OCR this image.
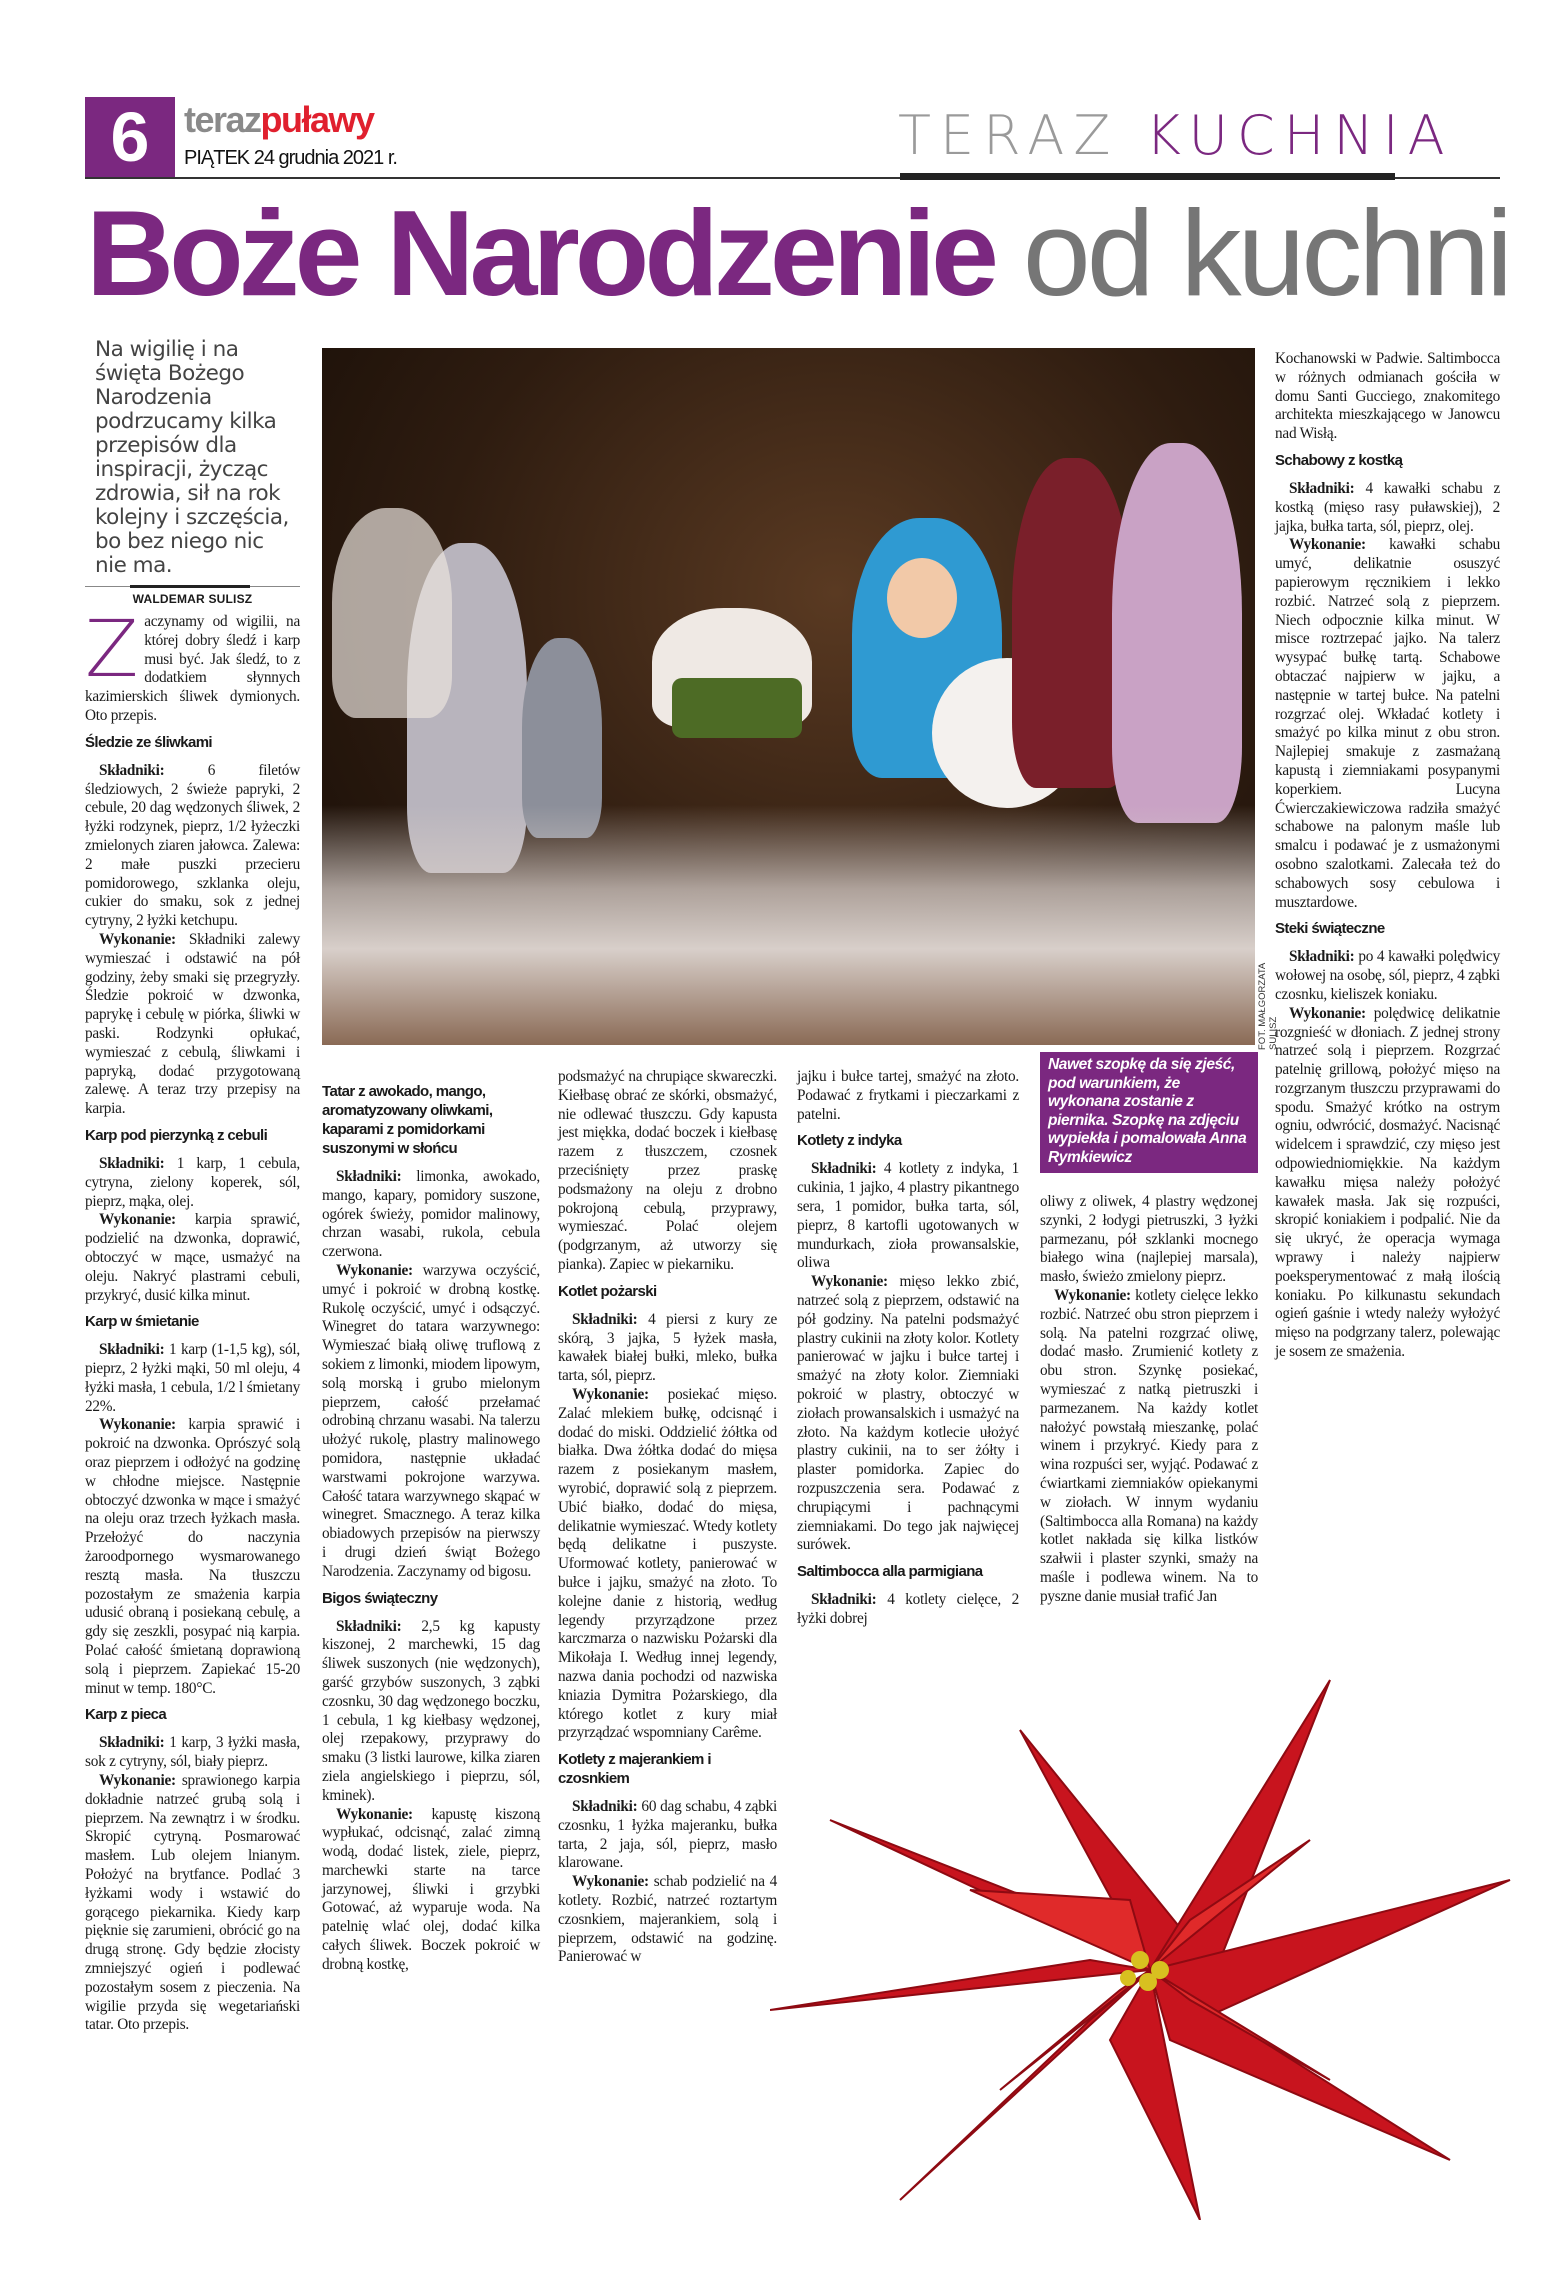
6 terazpuławy
PIĄTEK 24 grudnia 2021 r.	TERAZ KUCHNIA
Boże Narodzenie od kuchni
Na wigilię i na święta Bożego Narodzenia podrzucamy kilka przepisów dla inspiracji, życząc zdrowia, sił na rok kolejny i szczęścia, bo bez niego nic nie ma.
WALDEMAR SULISZ

Zaczynamy od wigilii, na której dobry śledź i karp musi być. Jak śledź, to z dodatkiem słynnych kazimierskich śliwek dymionych. Oto przepis.

Śledzie ze śliwkami

Składniki: 6 filetów śledziowych, 2 świeże papryki, 2 cebule, 20 dag wędzonych śliwek, 2 łyżki rodzynek, pieprz, 1/2 łyżeczki zmielonych ziaren jałowca. Zalewa: 2 małe puszki przecieru pomidorowego, szklanka oleju, cukier do smaku, sok z jednej cytryny, 2 łyżki ketchupu.

Wykonanie: Składniki zalewy wymieszać i odstawić na pół godziny, żeby smaki się przegryzły. Śledzie pokroić w dzwonka, paprykę i cebulę w piórka, śliwki w paski. Rodzynki opłukać, wymieszać z cebulą, śliwkami i papryką, dodać przygotowaną zalewę. A teraz trzy przepisy na karpia.

Karp pod pierzynką z cebuli

Składniki: 1 karp, 1 cebula, cytryna, zielony koperek, sól, pieprz, mąka, olej.

Wykonanie: karpia sprawić, podzielić na dzwonka, doprawić, obtoczyć w mące, usmażyć na oleju. Nakryć plastrami cebuli, przykryć, dusić kilka minut.

Karp w śmietanie

Składniki: 1 karp (1-1,5 kg), sól, pieprz, 2 łyżki mąki, 50 ml oleju, 4 łyżki masła, 1 cebula, 1/2 l śmietany 22%.

Wykonanie: karpia sprawić i pokroić na dzwonka. Oprószyć solą oraz pieprzem i odłożyć na godzinę w chłodne miejsce. Następnie obtoczyć dzwonka w mące i smażyć na oleju oraz trzech łyżkach masła. Przełożyć do naczynia żaroodpornego wysmarowanego resztą masła. Na tłuszczu pozostałym ze smażenia karpia udusić obraną i posiekaną cebulę, a gdy się zeszkli, posypać nią karpia. Polać całość śmietaną doprawioną solą i pieprzem. Zapiekać 15-20 minut w temp. 180°C.

Karp z pieca

Składniki: 1 karp, 3 łyżki masła, sok z cytryny, sól, biały pieprz.

Wykonanie: sprawionego karpia dokładnie natrzeć grubą solą i pieprzem. Na zewnątrz i w środku. Skropić cytryną. Posmarować masłem. Lub olejem lnianym. Położyć na brytfance. Podlać 3 łyżkami wody i wstawić do gorącego piekarnika. Kiedy karp pięknie się zarumieni, obrócić go na drugą stronę. Gdy będzie złocisty zmniejszyć ogień i podlewać pozostałym sosem z pieczenia. Na wigilie przyda się wegetariański tatar. Oto przepis.

FOT. MAŁGORZATA SULISZ
Tatar z awokado, mango, aromatyzowany oliwkami, kaparami z pomidorkami suszonymi w słońcu

Składniki: limonka, awokado, mango, kapary, pomidory suszone, ogórek świeży, pomidor malinowy, chrzan wasabi, rukola, cebula czerwona.

Wykonanie: warzywa oczyścić, umyć i pokroić w drobną kostkę. Rukolę oczyścić, umyć i odsączyć. Winegret do tatara warzywnego: Wymieszać białą oliwę truflową z sokiem z limonki, miodem lipowym, solą morską i grubo mielonym pieprzem, całość przełamać odrobiną chrzanu wasabi. Na talerzu ułożyć rukolę, plastry malinowego pomidora, następnie układać warstwami pokrojone warzywa. Całość tatara warzywnego skąpać w winegret. Smacznego. A teraz kilka obiadowych przepisów na pierwszy i drugi dzień świąt Bożego Narodzenia. Zaczynamy od bigosu.

Bigos świąteczny

Składniki: 2,5 kg kapusty kiszonej, 2 marchewki, 15 dag śliwek suszonych (nie wędzonych), garść grzybów suszonych, 3 ząbki czosnku, 30 dag wędzonego boczku, 1 cebula, 1 kg kiełbasy wędzonej, olej rzepakowy, przyprawy do smaku (3 listki laurowe, kilka ziaren ziela angielskiego i pieprzu, sól, kminek).

Wykonanie: kapustę kiszoną wypłukać, odcisnąć, zalać zimną wodą, dodać listek, ziele, pieprz, marchewki starte na tarce jarzynowej, śliwki i grzybki Gotować, aż wyparuje woda. Na patelnię wlać olej, dodać kilka całych śliwek. Boczek pokroić w drobną kostkę,

podsmażyć na chrupiące skwareczki. Kiełbasę obrać ze skórki, obsmażyć, nie odlewać tłuszczu. Gdy kapusta jest miękka, dodać boczek i kiełbasę razem z tłuszczem, czosnek przeciśnięty przez praskę podsmażony na oleju z drobno pokrojoną cebulą, przyprawy, wymieszać. Polać olejem (podgrzanym, aż utworzy się pianka). Zapiec w piekarniku.

Kotlet pożarski

Składniki: 4 piersi z kury ze skórą, 3 jajka, 5 łyżek masła, kawałek białej bułki, mleko, bułka tarta, sól, pieprz.

Wykonanie: posiekać mięso. Zalać mlekiem bułkę, odcisnąć i dodać do miski. Oddzielić żółtka od białka. Dwa żółtka dodać do mięsa razem z posiekanym masłem, wyrobić, doprawić solą z pieprzem. Ubić białko, dodać do mięsa, delikatnie wymieszać. Wtedy kotlety będą delikatne i puszyste. Uformować kotlety, panierować w bułce i jajku, smażyć na złoto. To kolejne danie z historią, według legendy przyrządzone przez karczmarza o nazwisku Pożarski dla Mikołaja I. Według innej legendy, nazwa dania pochodzi od nazwiska kniazia Dymitra Pożarskiego, dla którego kotlet z kury miał przyrządzać wspomniany Carême.

Kotlety z majerankiem i czosnkiem

Składniki: 60 dag schabu, 4 ząbki czosnku, 1 łyżka majeranku, bułka tarta, 2 jaja, sól, pieprz, masło klarowane.

Wykonanie: schab podzielić na 4 kotlety. Rozbić, natrzeć roztartym czosnkiem, majerankiem, solą i pieprzem, odstawić na godzinę. Panierować w

jajku i bułce tartej, smażyć na złoto. Podawać z frytkami i pieczarkami z patelni.

Kotlety z indyka

Składniki: 4 kotlety z indyka, 1 cukinia, 1 jajko, 4 plastry pikantnego sera, 1 pomidor, bułka tarta, sól, pieprz, 8 kartofli ugotowanych w mundurkach, zioła prowansalskie, oliwa

Wykonanie: mięso lekko zbić, natrzeć solą z pieprzem, odstawić na pół godziny. Na patelni podsmażyć plastry cukinii na złoty kolor. Kotlety panierować w jajku i bułce tartej i smażyć na złoty kolor. Ziemniaki pokroić w plastry, obtoczyć w ziołach prowansalskich i usmażyć na złoto. Na każdym kotlecie ułożyć plastry cukinii, na to ser żółty i plaster pomidorka. Zapiec do rozpuszczenia sera. Podawać z chrupiącymi i pachnącymi ziemniakami. Do tego jak najwięcej surówek.

Saltimbocca alla parmigiana

Składniki: 4 kotlety cielęce, 2 łyżki dobrej

Nawet szopkę da się zjeść, pod warunkiem, że wykonana zostanie z piernika. Szopkę na zdjęciu wypiekła i pomalowała Anna Rymkiewicz

oliwy z oliwek, 4 plastry wędzonej szynki, 2 łodygi pietruszki, 3 łyżki parmezanu, pół szklanki mocnego białego wina (najlepiej marsala), masło, świeżo zmielony pieprz.

Wykonanie: kotlety cielęce lekko rozbić. Natrzeć obu stron pieprzem i solą. Na patelni rozgrzać oliwę, dodać masło. Zrumienić kotlety z obu stron. Szynkę posiekać, wymieszać z natką pietruszki i parmezanem. Na każdy kotlet nałożyć powstałą mieszankę, polać winem i przykryć. Kiedy para z wina rozpuści ser, wyjąć. Podawać z ćwiartkami ziemniaków opiekanymi w ziołach. W innym wydaniu (Saltimbocca alla Romana) na każdy kotlet nakłada się kilka listków szałwii i plaster szynki, smaży na maśle i podlewa winem. Na to pyszne danie musiał trafić Jan

Kochanowski w Padwie. Saltimbocca w różnych odmianach gościła w domu Santi Gucciego, znakomitego architekta mieszkającego w Janowcu nad Wisłą.

Schabowy z kostką

Składniki: 4 kawałki schabu z kostką (mięso rasy puławskiej), 2 jajka, bułka tarta, sól, pieprz, olej.

Wykonanie: kawałki schabu umyć, delikatnie osuszyć papierowym ręcznikiem i lekko rozbić. Natrzeć solą z pieprzem. Niech odpocznie kilka minut. W misce roztrzepać jajko. Na talerz wysypać bułkę tartą. Schabowe obtaczać najpierw w jajku, a następnie w tartej bułce. Na patelni rozgrzać olej. Wkładać kotlety i smażyć po kilka minut z obu stron. Najlepiej smakuje z zasmażaną kapustą i ziemniakami posypanymi koperkiem. Lucyna Ćwierczakiewiczowa radziła smażyć schabowe na palonym maśle lub smalcu i podawać je z usmażonymi osobno szalotkami. Zalecała też do schabowych sosy cebulowa i musztardowe.

Steki świąteczne

Składniki: po 4 kawałki polędwicy wołowej na osobę, sól, pieprz, 4 ząbki czosnku, kieliszek koniaku.

Wykonanie: polędwicę delikatnie rozgnieść w dłoniach. Z jednej strony natrzeć solą i pieprzem. Rozgrzać patelnię grillową, położyć mięso na rozgrzanym tłuszczu przyprawami do spodu. Smażyć krótko na ostrym ogniu, odwrócić, dosmażyć. Nacisnąć widelcem i sprawdzić, czy mięso jest odpowiedniomiękkie. Na każdym kawałku mięsa należy położyć kawałek masła. Jak się rozpuści, skropić koniakiem i podpalić. Nie da się ukryć, że operacja wymaga wprawy i należy najpierw poeksperymentować z małą ilością koniaku. Po kilkunastu sekundach ogień gaśnie i wtedy należy wyłożyć mięso na podgrzany talerz, polewając je sosem ze smażenia.
